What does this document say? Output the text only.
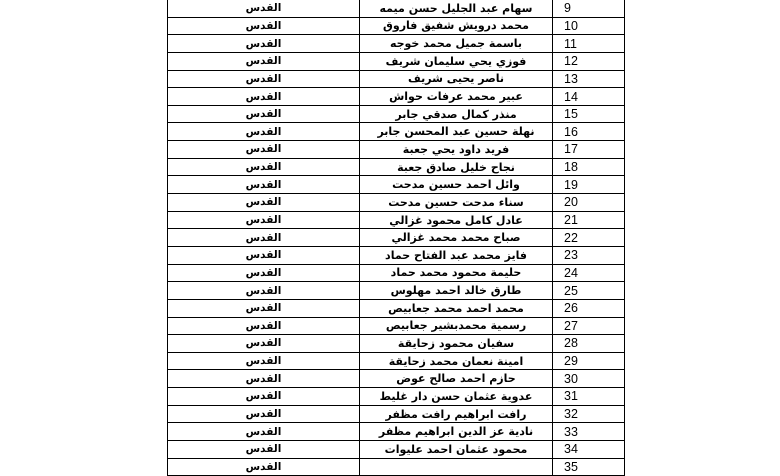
القدس	سهام عبد الجليل حسن ميمه	9
القدس	محمد درويش شفيق فاروق	10
القدس	باسمة جميل محمد خوجه	11
القدس	فوزي يحي سليمان شريف	12
القدس	ناصر يحيى شريف	13
القدس	عبير محمد عرفات حواش	14
القدس	منذر كمال صدقي جابر	15
القدس	نهلة حسين عبد المحسن جابر	16
القدس	فريد داود يحي جعبة	17
القدس	نجاح خليل صادق جعبة	18
القدس	وائل احمد حسين مدحت	19
القدس	سناء مدحت حسين مدحت	20
القدس	عادل كامل محمود غزالي	21
القدس	صباح محمد محمد غزالي	22
القدس	فايز محمد عبد الفتاح حماد	23
القدس	حليمة محمود محمد حماد	24
القدس	طارق خالد احمد مهلوس	25
القدس	محمد احمد محمد جعابيص	26
القدس	رسمية محمدبشير جعابيص	27
القدس	سفيان محمود زحايقة	28
القدس	امينة نعمان محمد زحايقة	29
القدس	حازم احمد صالح عوض	30
القدس	عدوية عثمان حسن دار غليط	31
القدس	رافت ابراهيم رافت مظفر	32
القدس	نادية عز الدين ابراهيم مظفر	33
القدس	محمود عثمان احمد عليوات	34
القدس		35
